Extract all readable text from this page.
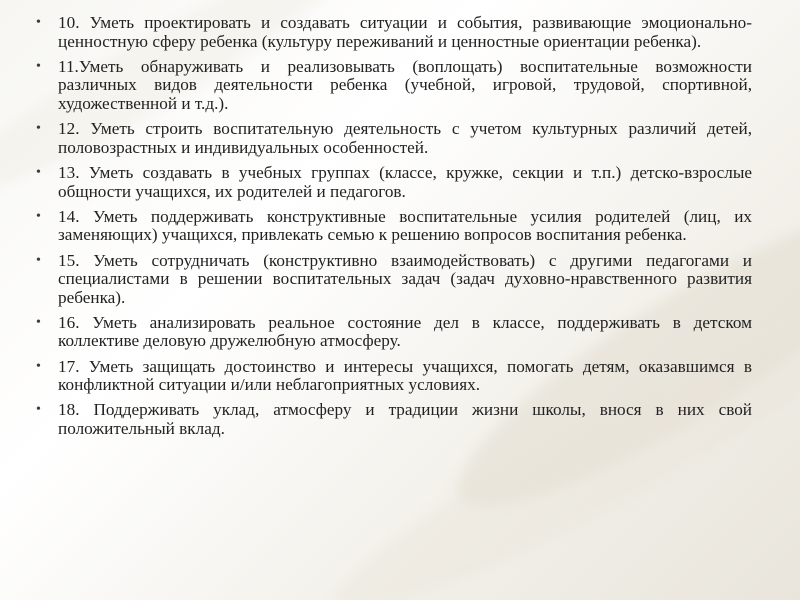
• 10. Уметь проектировать и создавать ситуации и события, развивающие эмоционально-ценностную сферу ребенка (культуру переживаний и ценностные ориентации ребенка).
• 11.Уметь обнаруживать и реализовывать (воплощать) воспитательные возможности различных видов деятельности ребенка (учебной, игровой, трудовой, спортивной, художественной и т.д.).
• 12. Уметь строить воспитательную деятельность с учетом культурных различий детей, половозрастных и индивидуальных особенностей.
• 13. Уметь создавать в учебных группах (классе, кружке, секции и т.п.) детско-взрослые общности учащихся, их родителей и педагогов.
• 14. Уметь поддерживать конструктивные воспитательные усилия родителей (лиц, их заменяющих) учащихся, привлекать семью к решению вопросов воспитания ребенка.
• 15. Уметь сотрудничать (конструктивно взаимодействовать) с другими педагогами и специалистами в решении воспитательных задач (задач духовно-нравственного развития ребенка).
• 16. Уметь анализировать реальное состояние дел в классе, поддерживать в детском коллективе деловую дружелюбную атмосферу.
• 17. Уметь защищать достоинство и интересы учащихся, помогать детям, оказавшимся в конфликтной ситуации и/или неблагоприятных условиях.
• 18. Поддерживать уклад, атмосферу и традиции жизни школы, внося в них свой положительный вклад.
